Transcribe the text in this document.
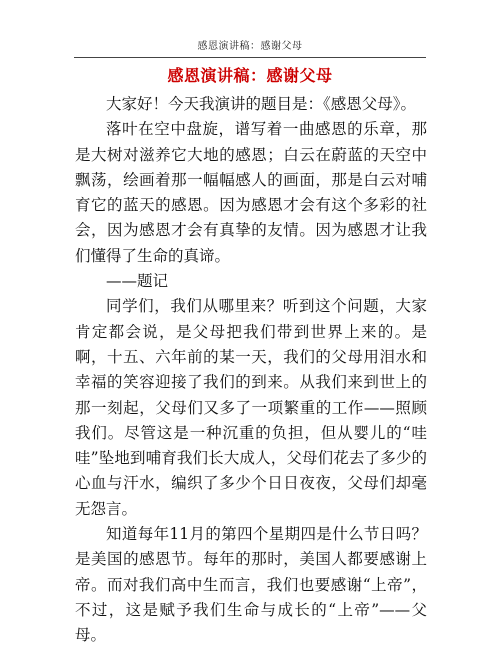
感恩演讲稿：感谢父母
感恩演讲稿：感谢父母

大家好！今天我演讲的题目是：《感恩父母》。

落叶在空中盘旋，谱写着一曲感恩的乐章，那是大树对滋养它大地的感恩；白云在蔚蓝的天空中飘荡，绘画着那一幅幅感人的画面，那是白云对哺育它的蓝天的感恩。因为感恩才会有这个多彩的社会，因为感恩才会有真挚的友情。因为感恩才让我们懂得了生命的真谛。

——题记

同学们，我们从哪里来？听到这个问题，大家肯定都会说，是父母把我们带到世界上来的。是啊，十五、六年前的某一天，我们的父母用泪水和幸福的笑容迎接了我们的到来。从我们来到世上的那一刻起，父母们又多了一项繁重的工作——照顾我们。尽管这是一种沉重的负担，但从婴儿的“哇哇”坠地到哺育我们长大成人，父母们花去了多少的心血与汗水，编织了多少个日日夜夜，父母们却毫无怨言。

知道每年11月的第四个星期四是什么节日吗？是美国的感恩节。每年的那时，美国人都要感谢上帝。而对我们高中生而言，我们也要感谢“上帝”，不过，这是赋予我们生命与成长的“上帝”——父母。
